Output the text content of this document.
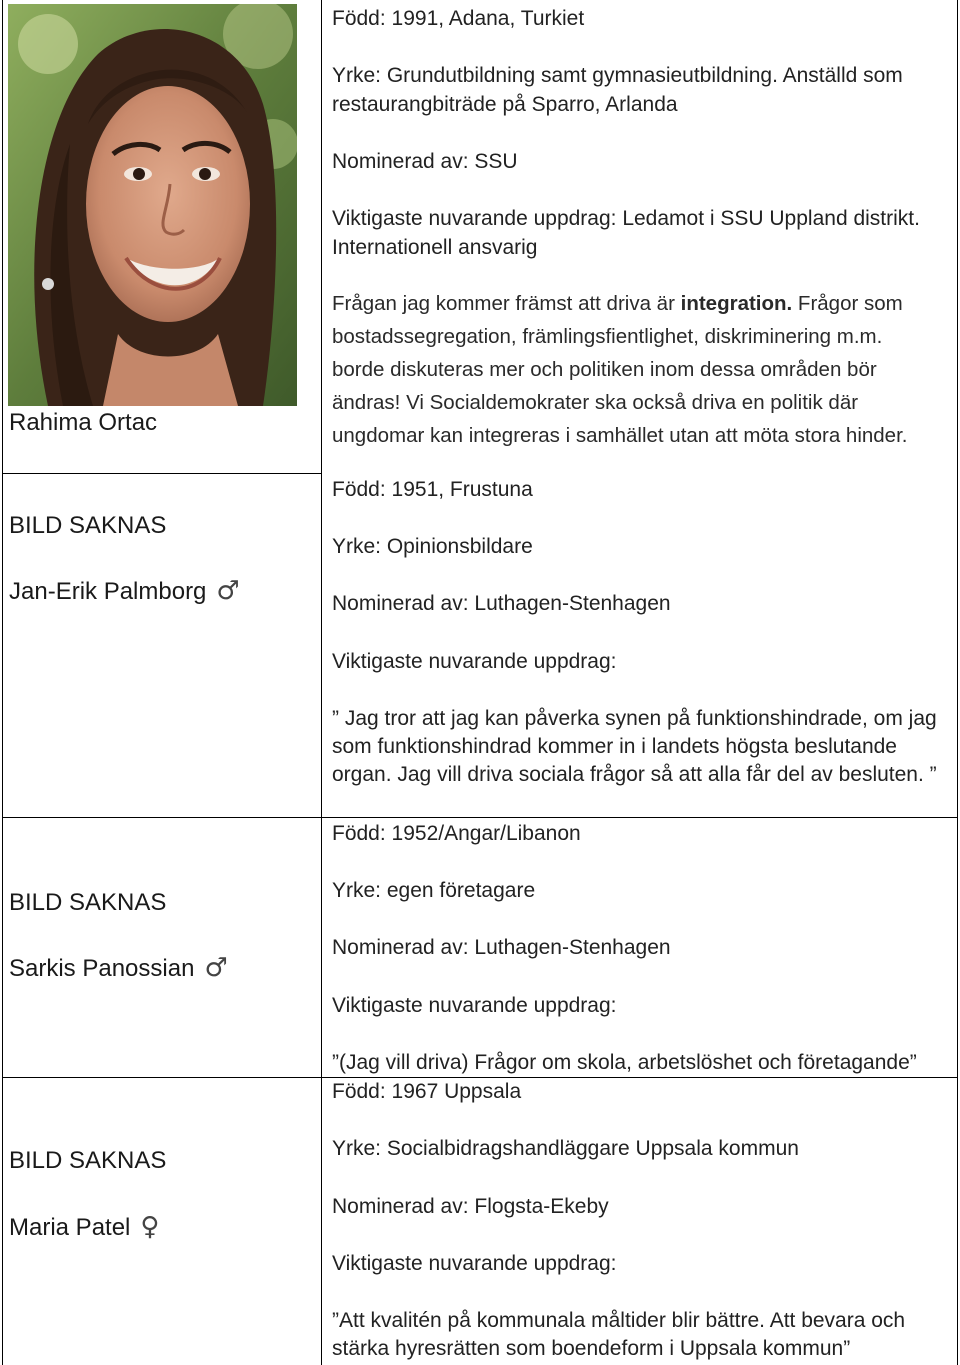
Rahima Ortac
Född: 1991, Adana, Turkiet
Yrke: Grundutbildning samt gymnasieutbildning. Anställd som
restaurangbiträde på Sparro, Arlanda
Nominerad av: SSU
Viktigaste nuvarande uppdrag: Ledamot i SSU Uppland distrikt.
Internationell ansvarig
Frågan jag kommer främst att driva är integration. Frågor som
bostadssegregation, främlingsfientlighet, diskriminering m.m.
borde diskuteras mer och politiken inom dessa områden bör
ändras! Vi Socialdemokrater ska också driva en politik där
ungdomar kan integreras i samhället utan att möta stora hinder.
BILD SAKNAS
Jan-Erik Palmborg ♂
Född: 1951, Frustuna
Yrke: Opinionsbildare
Nominerad av: Luthagen-Stenhagen
Viktigaste nuvarande uppdrag:
” Jag tror att jag kan påverka synen på funktionshindrade, om jag
som funktionshindrad kommer in i landets högsta beslutande
organ. Jag vill driva sociala frågor så att alla får del av besluten. ”
BILD SAKNAS
Sarkis Panossian ♂
Född: 1952/Angar/Libanon
Yrke: egen företagare
Nominerad av: Luthagen-Stenhagen
Viktigaste nuvarande uppdrag:
”(Jag vill driva) Frågor om skola, arbetslöshet och företagande”
BILD SAKNAS
Maria Patel ♀
Född: 1967 Uppsala
Yrke: Socialbidragshandläggare Uppsala kommun
Nominerad av: Flogsta-Ekeby
Viktigaste nuvarande uppdrag:
”Att kvalitén på kommunala måltider blir bättre. Att bevara och
stärka hyresrätten som boendeform i Uppsala kommun”
